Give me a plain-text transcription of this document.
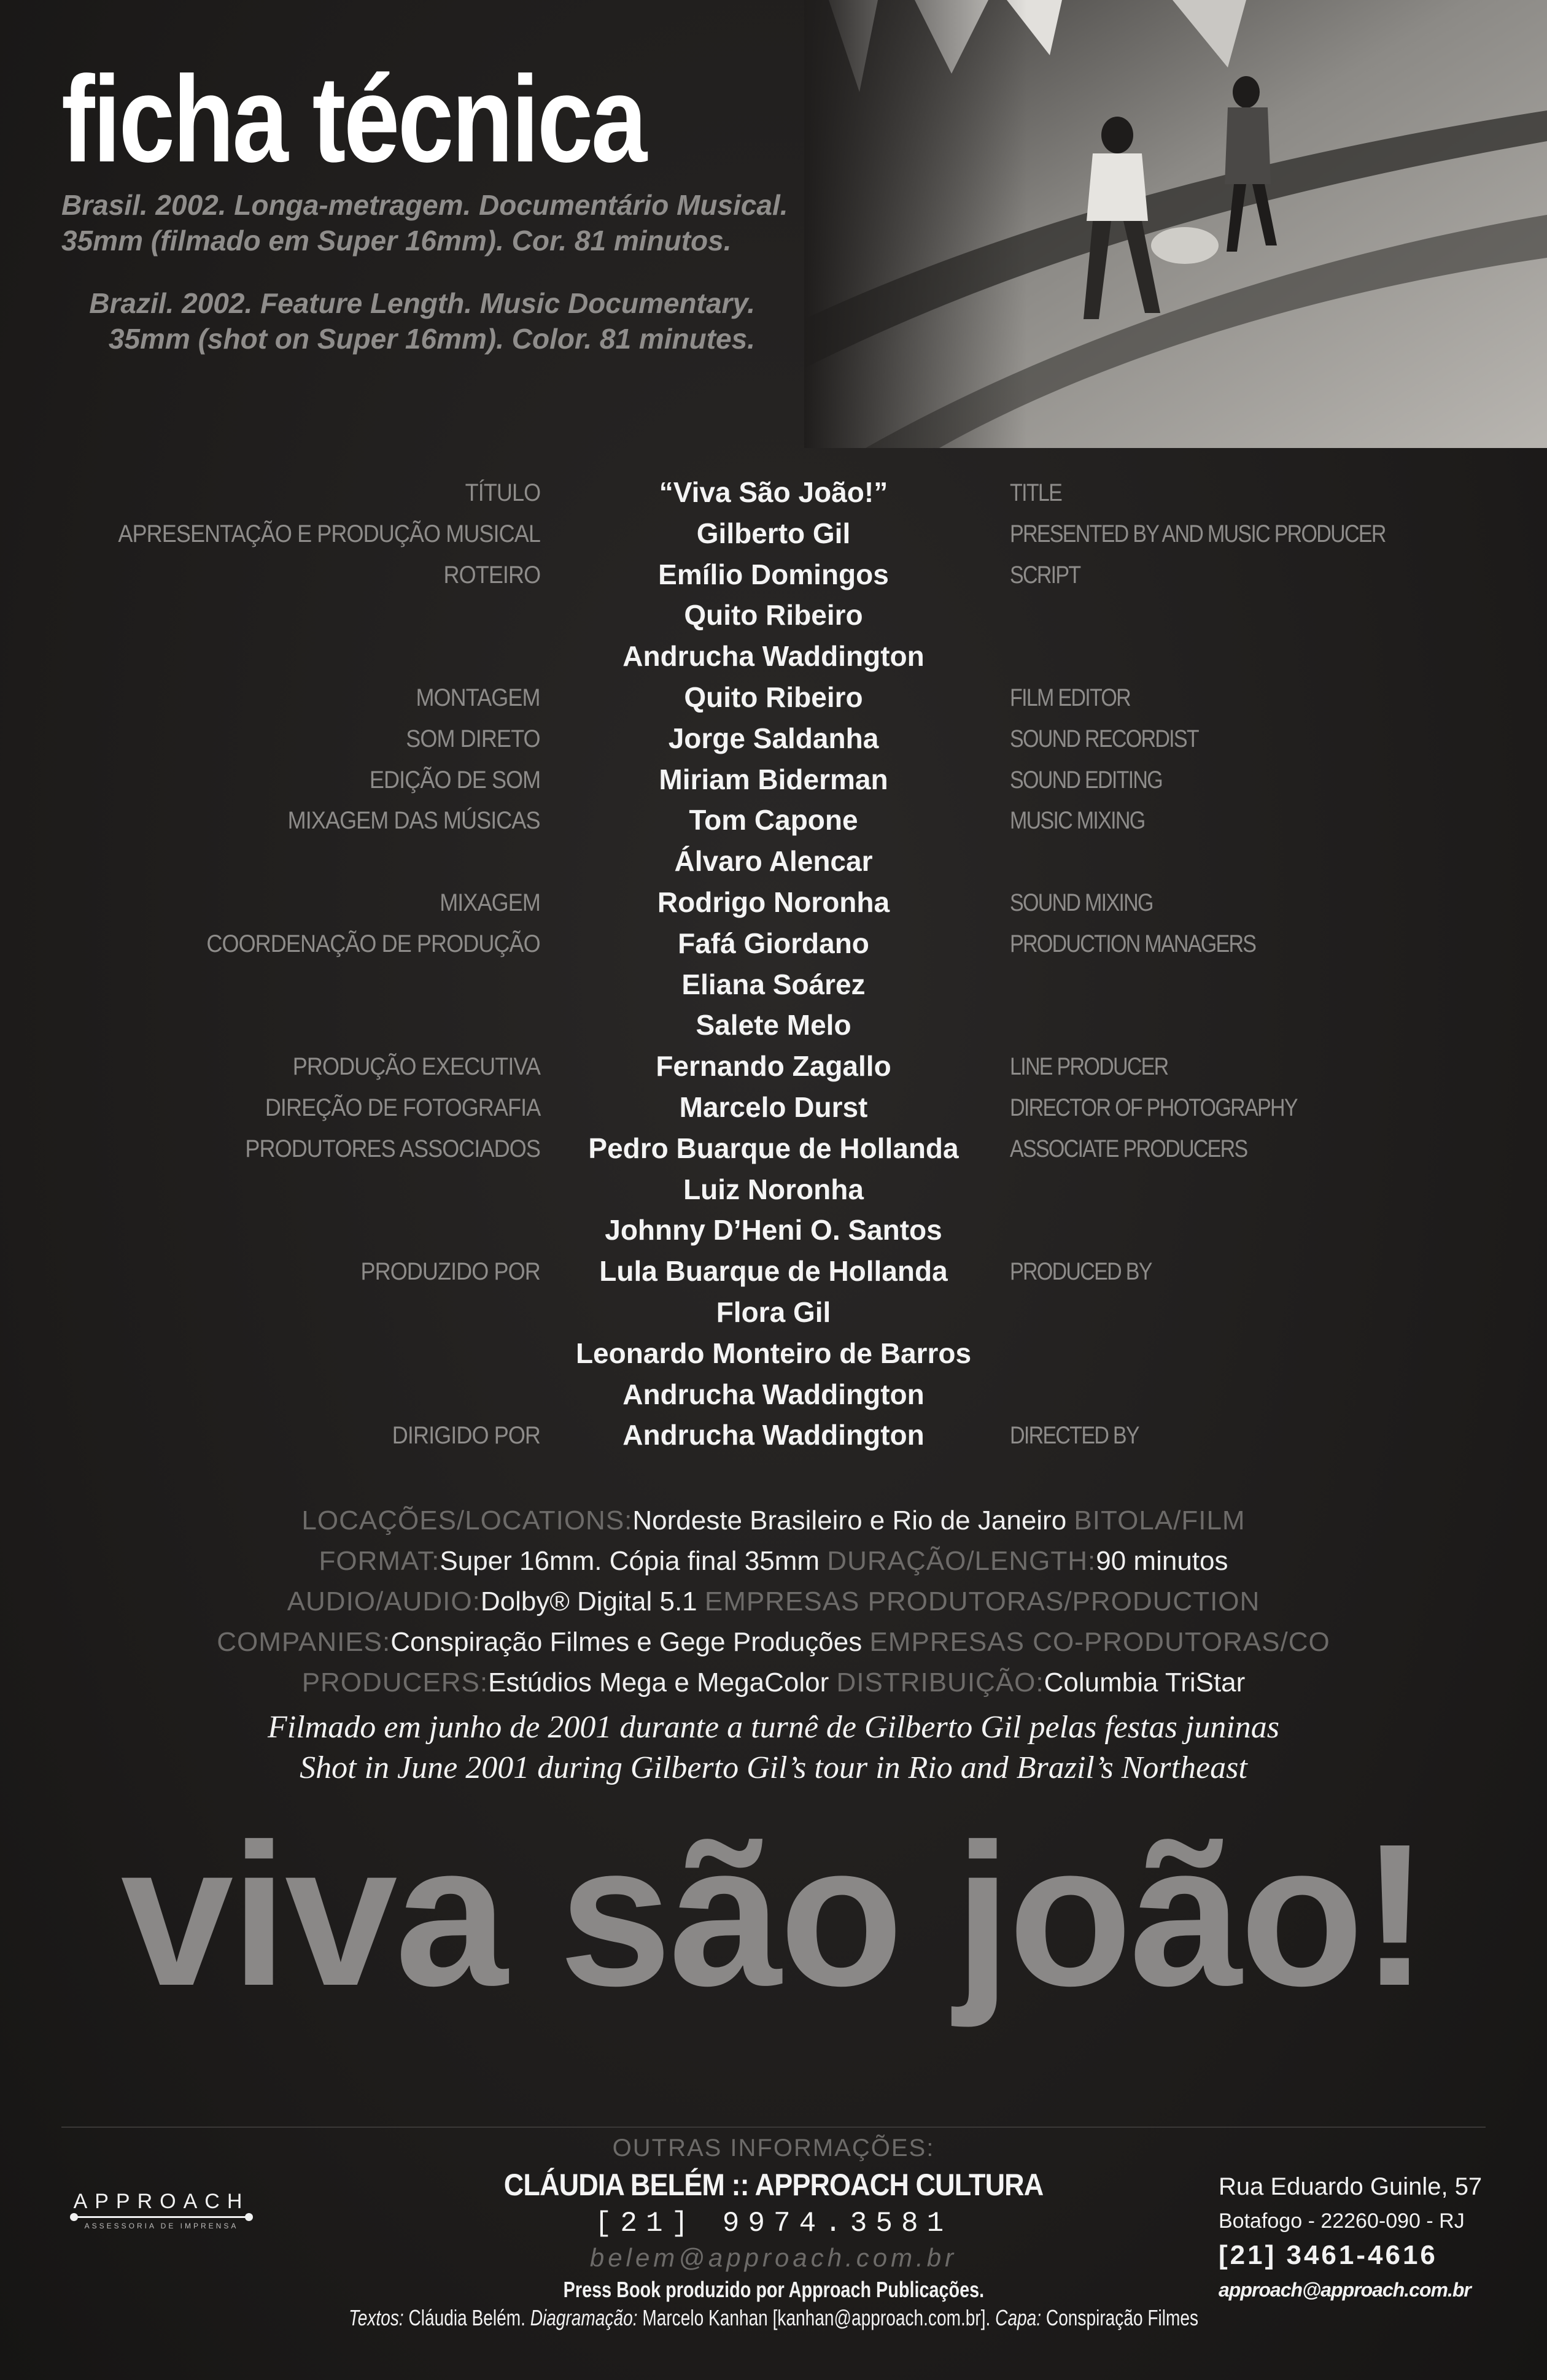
ficha técnica
Brasil. 2002. Longa-metragem. Documentário Musical.
35mm (filmado em Super 16mm). Cor. 81 minutos.
Brazil. 2002. Feature Length. Music Documentary.
35mm (shot on Super 16mm). Color. 81 minutes.
TÍTULO	“Viva São João!”	TITLE
APRESENTAÇÃO E PRODUÇÃO MUSICAL	Gilberto Gil	PRESENTED BY AND MUSIC PRODUCER
ROTEIRO	Emílio Domingos	SCRIPT
Quito Ribeiro
Andrucha Waddington
MONTAGEM	Quito Ribeiro	FILM EDITOR
SOM DIRETO	Jorge Saldanha	SOUND RECORDIST
EDIÇÃO DE SOM	Miriam Biderman	SOUND EDITING
MIXAGEM DAS MÚSICAS	Tom Capone	MUSIC MIXING
Álvaro Alencar
MIXAGEM	Rodrigo Noronha	SOUND MIXING
COORDENAÇÃO DE PRODUÇÃO	Fafá Giordano	PRODUCTION MANAGERS
Eliana Soárez
Salete Melo
PRODUÇÃO EXECUTIVA	Fernando Zagallo	LINE PRODUCER
DIREÇÃO DE FOTOGRAFIA	Marcelo Durst	DIRECTOR OF PHOTOGRAPHY
PRODUTORES ASSOCIADOS	Pedro Buarque de Hollanda	ASSOCIATE PRODUCERS
Luiz Noronha
Johnny D’Heni O. Santos
PRODUZIDO POR	Lula Buarque de Hollanda	PRODUCED BY
Flora Gil
Leonardo Monteiro de Barros
Andrucha Waddington
DIRIGIDO POR	Andrucha Waddington	DIRECTED BY
LOCAÇÕES/LOCATIONS:Nordeste Brasileiro e Rio de Janeiro BITOLA/FILM FORMAT:Super 16mm. Cópia final 35mm DURAÇÃO/LENGTH:90 minutos AUDIO/AUDIO:Dolby® Digital 5.1 EMPRESAS PRODUTORAS/PRODUCTION COMPANIES:Conspiração Filmes e Gege Produções EMPRESAS CO-PRODUTORAS/CO PRODUCERS:Estúdios Mega e MegaColor DISTRIBUIÇÃO:Columbia TriStar
Filmado em junho de 2001 durante a turnê de Gilberto Gil pelas festas juninas
Shot in June 2001 during Gilberto Gil’s tour in Rio and Brazil’s Northeast
viva são joão!
APPROACH
ASSESSORIA DE IMPRENSA
OUTRAS INFORMAÇÕES:
CLÁUDIA BELÉM :: APPROACH CULTURA
[21] 9974.3581
belem@approach.com.br
Press Book produzido por Approach Publicações.
Textos: Cláudia Belém. Diagramação: Marcelo Kanhan [kanhan@approach.com.br]. Capa: Conspiração Filmes
Rua Eduardo Guinle, 57
Botafogo - 22260-090 - RJ
[21] 3461-4616
approach@approach.com.br
